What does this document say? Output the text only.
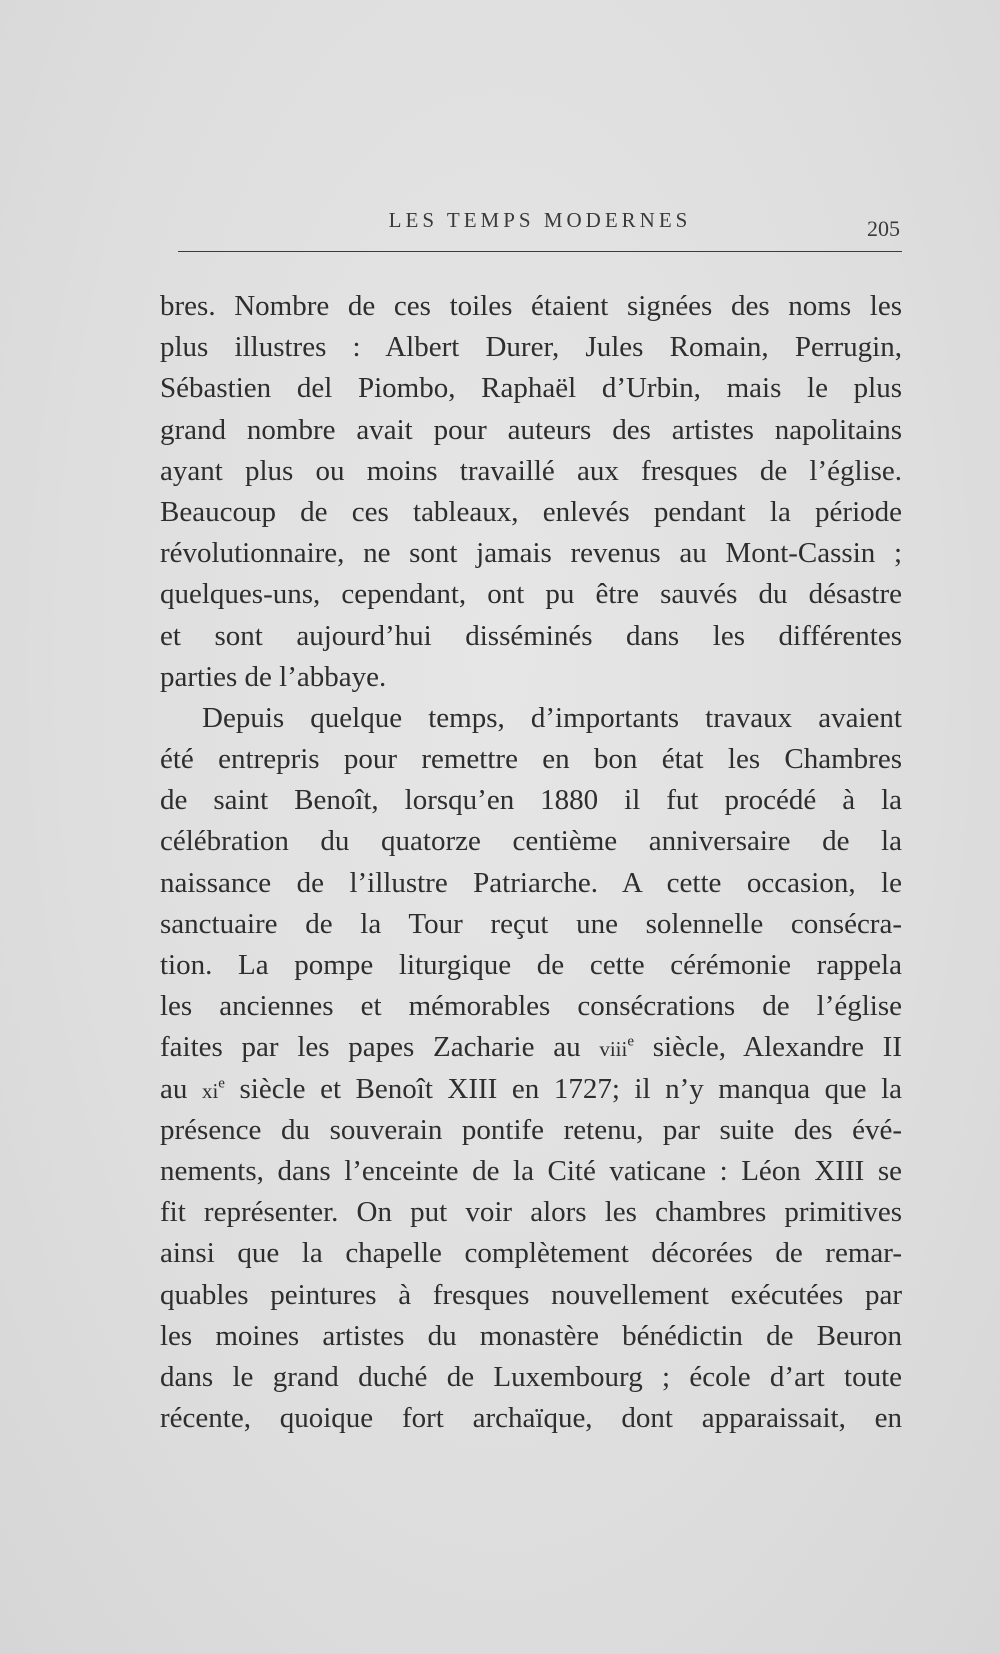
LES TEMPS MODERNES	205
bres. Nombre de ces toiles étaient signées des noms les
plus illustres : Albert Durer, Jules Romain, Perrugin,
Sébastien del Piombo, Raphaël d’Urbin, mais le plus
grand nombre avait pour auteurs des artistes napolitains
ayant plus ou moins travaillé aux fresques de l’église.
Beaucoup de ces tableaux, enlevés pendant la période
révolutionnaire, ne sont jamais revenus au Mont-Cassin ;
quelques-uns, cependant, ont pu être sauvés du désastre
et sont aujourd’hui disséminés dans les différentes
parties de l’abbaye.
Depuis quelque temps, d’importants travaux avaient
été entrepris pour remettre en bon état les Chambres
de saint Benoît, lorsqu’en 1880 il fut procédé à la
célébration du quatorze centième anniversaire de la
naissance de l’illustre Patriarche. A cette occasion, le
sanctuaire de la Tour reçut une solennelle consécra-
tion. La pompe liturgique de cette cérémonie rappela
les anciennes et mémorables consécrations de l’église
faites par les papes Zacharie au viii$^e$ siècle, Alexandre II
au $xi^e$ siècle et Benoît XIII en 1727; il n’y manqua que la
présence du souverain pontife retenu, par suite des évé-
nements, dans l’enceinte de la Cité vaticane : Léon XIII se
fit représenter. On put voir alors les chambres primitives
ainsi que la chapelle complètement décorées de remar-
quables peintures à fresques nouvellement exécutées par
les moines artistes du monastère bénédictin de Beuron
dans le grand duché de Luxembourg ; école d’art toute
récente, quoique fort archaïque, dont apparaissait, en
